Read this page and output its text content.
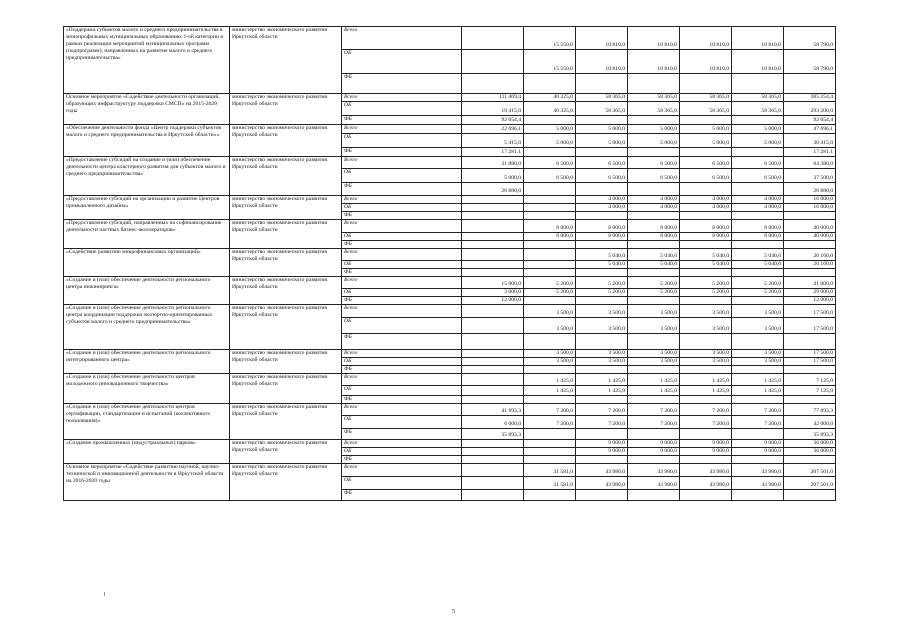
«Поддержка субъектов малого и среднего предпринимательства в монопрофильных муниципальных образованиях 1-ой категории в рамках реализации мероприятий муниципальных программ (подпрограмм), направленных на развитие малого и среднего предпринимательства»	министерство экономического развития Иркутской области	Всего		15 550,0	10 810,0	10 810,0	10 810,0	10 810,0	58 790,0
		ОБ		15 550,0	10 810,0	10 810,0	10 810,0	10 810,0	58 790,0
		ФБ							
Основное мероприятие «Содействие деятельности организаций, образующих инфраструктуру поддержки СМСП» на 2015-2020 годы	министерство экономического развития Иркутской области	Всего	111 469,4	40 325,0	58 365,0	58 365,0	58 365,0	58 365,0	385 254,4
		ОБ	19 415,0	40 325,0	58 365,0	58 365,0	58 365,0	58 365,0	293 200,0
		ФБ	92 054,4						92 054,4
«Обеспечение деятельности фонда «Центр поддержки субъектов малого и среднего предпринимательства в Иркутской области»»	министерство экономического развития Иркутской области	Всего	22 696,1	5 000,0	5 000,0	5 000,0	5 000,0	5 000,0	47 696,1
		ОБ	5 415,0	5 000,0	5 000,0	5 000,0	5 000,0	5 000,0	30 415,0
		ФБ	17 281,1						17 281,1
«Предоставление субсидий на создание и (или) обеспечение деятельности центра кластерного развития для субъектов малого и среднего предпринимательства»	министерство экономического развития Иркутской области	Всего	31 880,0	6 500,0	6 500,0	6 500,0	6 500,0	6 500,0	64 380,0
		ОБ	5 000,0	6 500,0	6 500,0	6 500,0	6 500,0	6 500,0	37 500,0
		ФБ	26 880,0						26 880,0
«Предоставление субсидий на организацию и развитие Центров промышленного дизайна»	министерство экономического развития Иркутской области	Всего			4 000,0	4 000,0	4 000,0	4 000,0	16 000,0
		ОБ			4 000,0	4 000,0	4 000,0	4 000,0	16 000,0
		ФБ							
«Предоставление субсидий, направленных на софинансирование деятельности частных бизнес-акселераторов»	министерство экономического развития Иркутской области	Всего		8 000,0	8 000,0	8 000,0	8 000,0	8 000,0	40 000,0
		ОБ		8 000,0	8 000,0	8 000,0	8 000,0	8 000,0	40 000,0
		ФБ							
«Содействие развитию микрофинансовых организаций»	министерство экономического развития Иркутской области	Всего			5 040,0	5 040,0	5 040,0	5 040,0	20 160,0
		ОБ			5 040,0	5 040,0	5 040,0	5 040,0	20 160,0
		ФБ							
«Создание и (или) обеспечение деятельности регионального центра инжиниринга»	министерство экономического развития Иркутской области	Всего	15 000,0	5 200,0	5 200,0	5 200,0	5 200,0	5 200,0	41 000,0
		ОБ	3 000,0	5 200,0	5 200,0	5 200,0	5 200,0	5 200,0	29 000,0
		ФБ	12 000,0						12 000,0
«Создание и (или) обеспечение деятельности регионального центра координации поддержки экспортно-ориентированных субъектов малого и среднего предпринимательства»	министерство экономического развития Иркутской области	Всего		3 500,0	3 500,0	3 500,0	3 500,0	3 500,0	17 500,0
		ОБ		3 500,0	3 500,0	3 500,0	3 500,0	3 500,0	17 500,0
		ФБ							
«Создание и (или) обеспечение деятельности регионального интегрированного центра»	министерство экономического развития Иркутской области	Всего		3 500,0	3 500,0	3 500,0	3 500,0	3 500,0	17 500,0
		ОБ		3 500,0	3 500,0	3 500,0	3 500,0	3 500,0	17 500,0
		ФБ							
«Создание и (или) обеспечение деятельности центров молодежного инновационного творчества»	министерство экономического развития Иркутской области	Всего		1 425,0	1 425,0	1 425,0	1 425,0	1 425,0	7 125,0
		ОБ		1 425,0	1 425,0	1 425,0	1 425,0	1 425,0	7 125,0
		ФБ							
«Создание и (или) обеспечение деятельности центров сертификации, стандартизации и испытаний (коллективного пользования)»	министерство экономического развития Иркутской области	Всего	41 893,3	7 200,0	7 200,0	7 200,0	7 200,0	7 200,0	77 893,3
		ОБ	6 000,0	7 200,0	7 200,0	7 200,0	7 200,0	7 200,0	42 000,0
		ФБ	35 893,3						35 893,3
«Создание промышленных (индустриальных) парков»	министерство экономического развития Иркутской области	Всего			9 000,0	9 000,0	9 000,0	9 000,0	36 000,0
		ОБ			9 000,0	9 000,0	9 000,0	9 000,0	36 000,0
		ФБ							
Основное мероприятие «Содействие развитию научной, научно-технической и инновационной деятельности в Иркутской области на 2016-2020 годы	министерство экономического развития Иркутской области	Всего		31 581,0	43 980,0	43 980,0	43 980,0	43 980,0	207 501,0
		ОБ		31 581,0	43 980,0	43 980,0	43 980,0	43 980,0	207 501,0
		ФБ							
5
